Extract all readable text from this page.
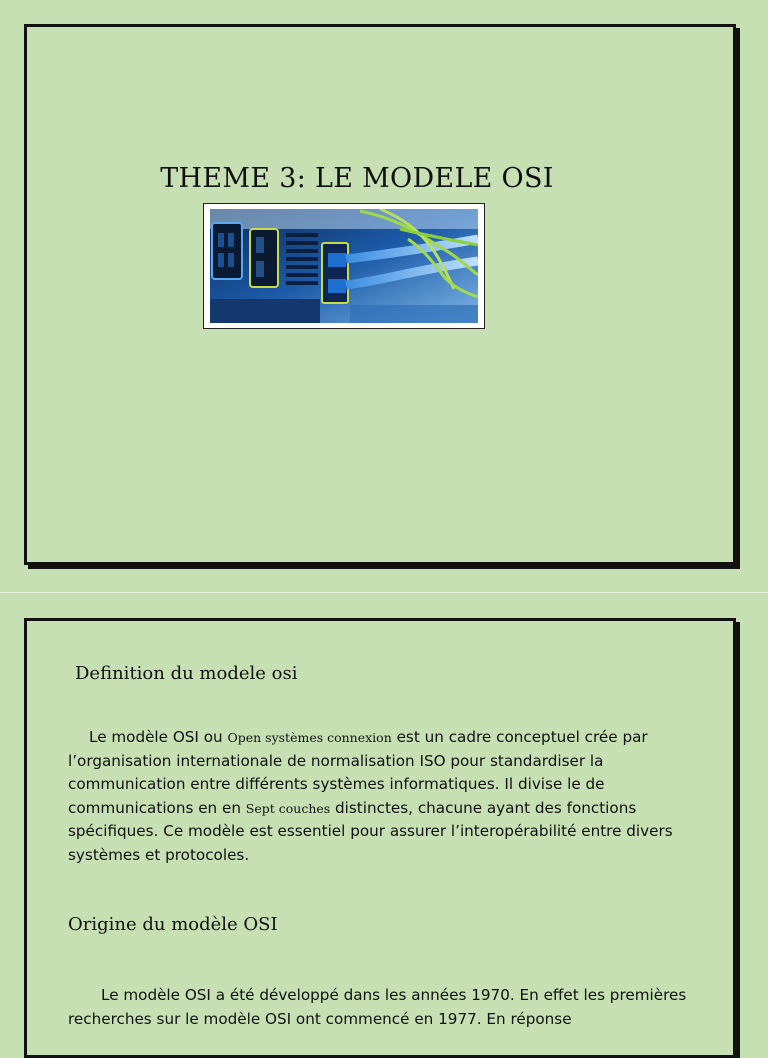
THEME 3: LE MODELE OSI
Definition du modele osi
Le modèle OSI ou Open systèmes connexion est un cadre conceptuel crée par l’organisation internationale de normalisation ISO pour standardiser la communication entre différents systèmes informatiques. Il divise le de communications en en Sept couches distinctes, chacune ayant des fonctions spécifiques. Ce modèle est essentiel pour assurer l’interopérabilité entre divers systèmes et protocoles.
Origine du modèle OSI
Le modèle OSI a été développé dans les années 1970. En effet les premières recherches sur le modèle OSI ont commencé en 1977. En réponse
